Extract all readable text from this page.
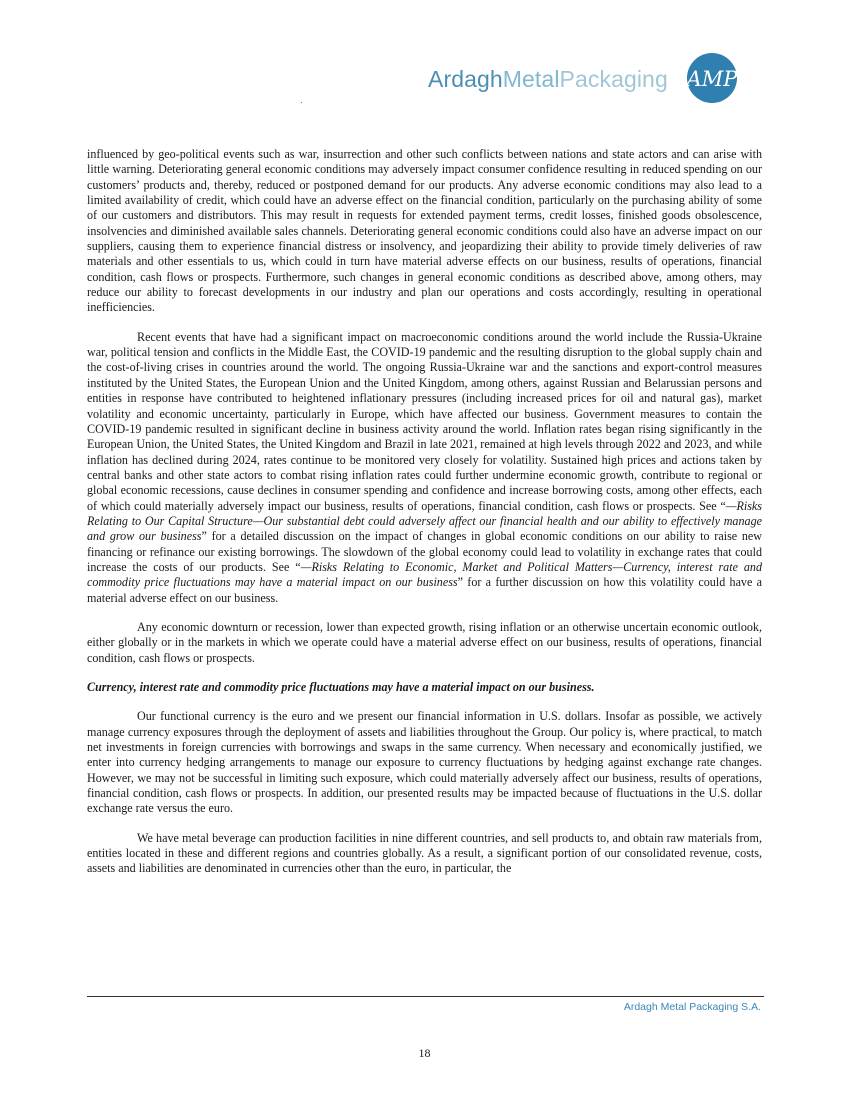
ArdaghMetalPackaging AMP

influenced by geo-political events such as war, insurrection and other such conflicts between nations and state actors and can arise with little warning. Deteriorating general economic conditions may adversely impact consumer confidence resulting in reduced spending on our customers’ products and, thereby, reduced or postponed demand for our products. Any adverse economic conditions may also lead to a limited availability of credit, which could have an adverse effect on the financial condition, particularly on the purchasing ability of some of our customers and distributors. This may result in requests for extended payment terms, credit losses, finished goods obsolescence, insolvencies and diminished available sales channels. Deteriorating general economic conditions could also have an adverse impact on our suppliers, causing them to experience financial distress or insolvency, and jeopardizing their ability to provide timely deliveries of raw materials and other essentials to us, which could in turn have material adverse effects on our business, results of operations, financial condition, cash flows or prospects. Furthermore, such changes in general economic conditions as described above, among others, may reduce our ability to forecast developments in our industry and plan our operations and costs accordingly, resulting in operational inefficiencies.

Recent events that have had a significant impact on macroeconomic conditions around the world include the Russia-Ukraine war, political tension and conflicts in the Middle East, the COVID-19 pandemic and the resulting disruption to the global supply chain and the cost-of-living crises in countries around the world. The ongoing Russia-Ukraine war and the sanctions and export-control measures instituted by the United States, the European Union and the United Kingdom, among others, against Russian and Belarussian persons and entities in response have contributed to heightened inflationary pressures (including increased prices for oil and natural gas), market volatility and economic uncertainty, particularly in Europe, which have affected our business. Government measures to contain the COVID-19 pandemic resulted in significant decline in business activity around the world. Inflation rates began rising significantly in the European Union, the United States, the United Kingdom and Brazil in late 2021, remained at high levels through 2022 and 2023, and while inflation has declined during 2024, rates continue to be monitored very closely for volatility. Sustained high prices and actions taken by central banks and other state actors to combat rising inflation rates could further undermine economic growth, contribute to regional or global economic recessions, cause declines in consumer spending and confidence and increase borrowing costs, among other effects, each of which could materially adversely impact our business, results of operations, financial condition, cash flows or prospects. See “—Risks Relating to Our Capital Structure—Our substantial debt could adversely affect our financial health and our ability to effectively manage and grow our business” for a detailed discussion on the impact of changes in global economic conditions on our ability to raise new financing or refinance our existing borrowings. The slowdown of the global economy could lead to volatility in exchange rates that could increase the costs of our products. See “—Risks Relating to Economic, Market and Political Matters—Currency, interest rate and commodity price fluctuations may have a material impact on our business” for a further discussion on how this volatility could have a material adverse effect on our business.

Any economic downturn or recession, lower than expected growth, rising inflation or an otherwise uncertain economic outlook, either globally or in the markets in which we operate could have a material adverse effect on our business, results of operations, financial condition, cash flows or prospects.

Currency, interest rate and commodity price fluctuations may have a material impact on our business.

Our functional currency is the euro and we present our financial information in U.S. dollars. Insofar as possible, we actively manage currency exposures through the deployment of assets and liabilities throughout the Group. Our policy is, where practical, to match net investments in foreign currencies with borrowings and swaps in the same currency. When necessary and economically justified, we enter into currency hedging arrangements to manage our exposure to currency fluctuations by hedging against exchange rate changes. However, we may not be successful in limiting such exposure, which could materially adversely affect our business, results of operations, financial condition, cash flows or prospects. In addition, our presented results may be impacted because of fluctuations in the U.S. dollar exchange rate versus the euro.

We have metal beverage can production facilities in nine different countries, and sell products to, and obtain raw materials from, entities located in these and different regions and countries globally. As a result, a significant portion of our consolidated revenue, costs, assets and liabilities are denominated in currencies other than the euro, in particular, the

Ardagh Metal Packaging S.A.
18
